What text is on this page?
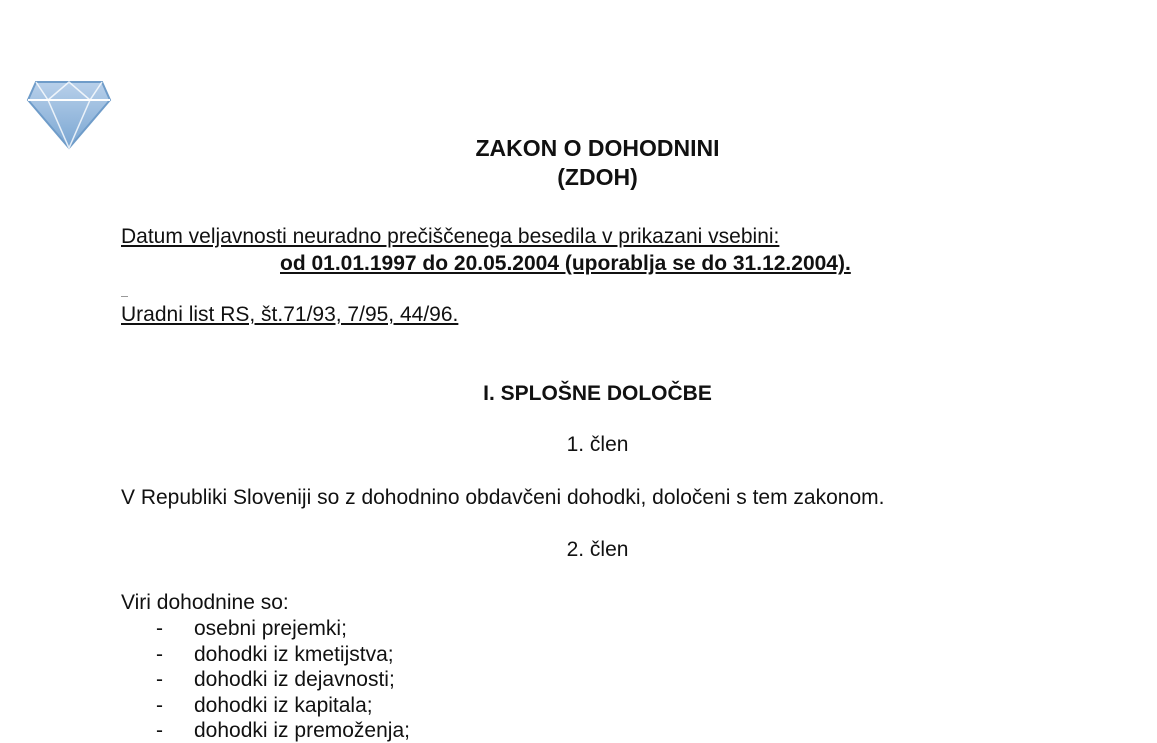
ZAKON O DOHODNINI
(ZDOH)
Datum veljavnosti neuradno prečiščenega besedila v prikazani vsebini:
od 01.01.1997 do 20.05.2004 (uporablja se do 31.12.2004).
Uradni list RS, št.71/93, 7/95, 44/96.
I. SPLOŠNE DOLOČBE
1. člen
V Republiki Sloveniji so z dohodnino obdavčeni dohodki, določeni s tem zakonom.
2. člen
Viri dohodnine so:
- osebni prejemki;
- dohodki iz kmetijstva;
- dohodki iz dejavnosti;
- dohodki iz kapitala;
- dohodki iz premoženja;
